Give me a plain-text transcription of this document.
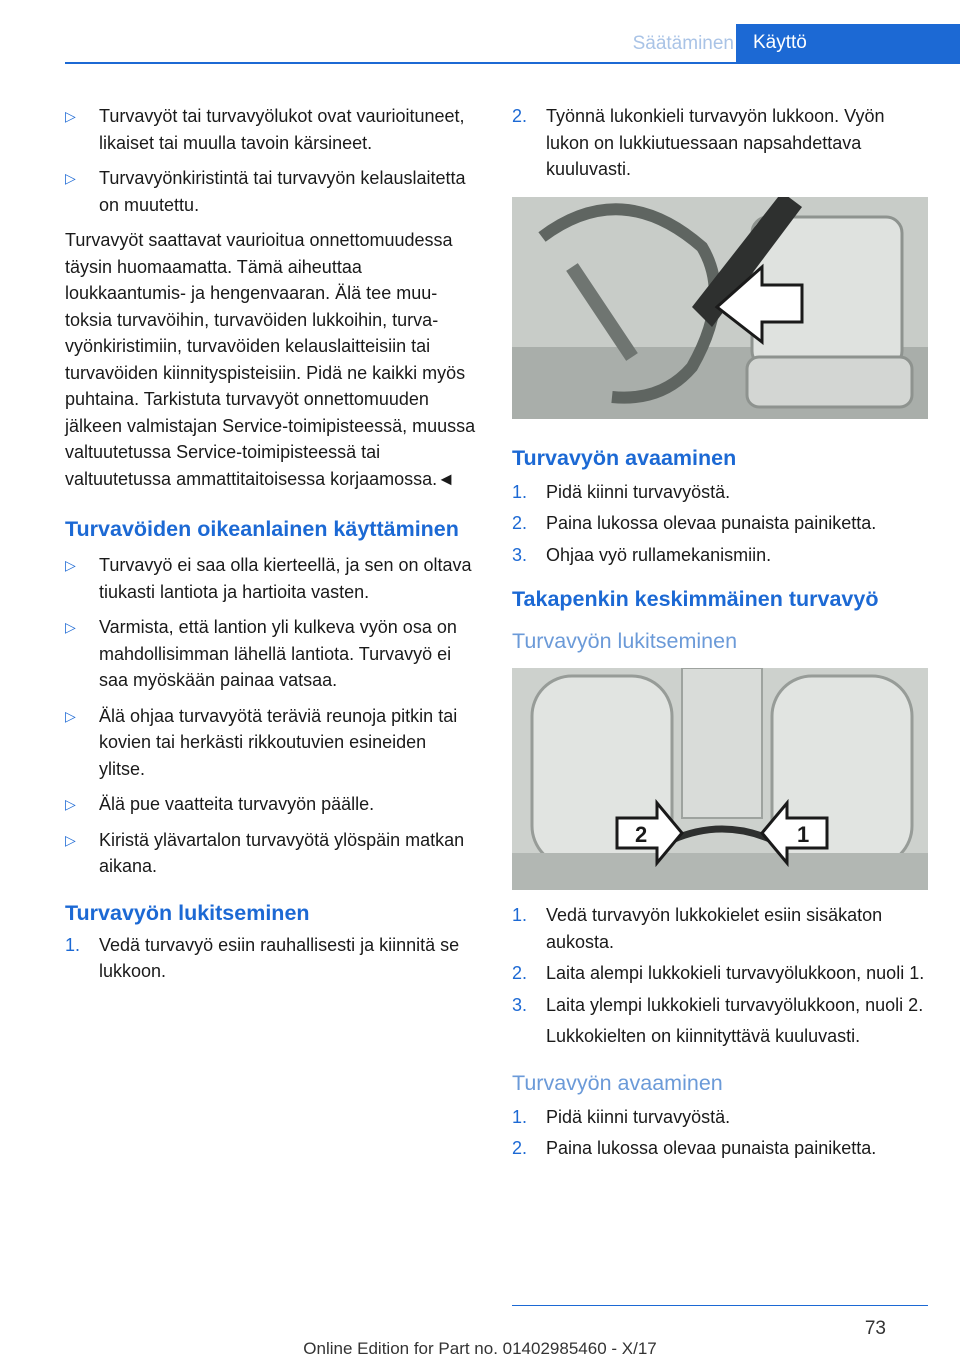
Säätäminen	Käyttö
▷ Turvavyöt tai turvavyölukot ovat vaurioituneet, likaiset tai muulla tavoin kärsineet.
▷ Turvavyönkiristintä tai turvavyön kelauslaitetta on muutettu.

Turvavyöt saattavat vaurioitua onnettomuudessa täysin huomaamatta. Tämä aiheuttaa loukkaantumis- ja hengenvaaran. Älä tee muutoksia turvavöihin, turvavöiden lukkoihin, turvavyönkiristimiin, turvavöiden kelauslaitteisiin tai turvavöiden kiinnityspisteisiin. Pidä ne kaikki myös puhtaina. Tarkistuta turvavyöt onnettomuuden jälkeen valmistajan Service-toimipisteessä, muussa valtuutetussa Service-toimipisteessä tai valtuutetussa ammattitaitoisessa korjaamossa.◄

Turvavöiden oikeanlainen käyttäminen
▷ Turvavyö ei saa olla kierteellä, ja sen on oltava tiukasti lantiota ja hartioita vasten.
▷ Varmista, että lantion yli kulkeva vyön osa on mahdollisimman lähellä lantiota. Turvavyö ei saa myöskään painaa vatsaa.
▷ Älä ohjaa turvavyötä teräviä reunoja pitkin tai kovien tai herkästi rikkoutuvien esineiden ylitse.
▷ Älä pue vaatteita turvavyön päälle.
▷ Kiristä ylävartalon turvavyötä ylöspäin matkan aikana.
Turvavyön lukitseminen
1. Vedä turvavyö esiin rauhallisesti ja kiinnitä se lukkoon.
2. Työnnä lukonkieli turvavyön lukkoon. Vyön lukon on lukkiutuessaan napsahdettava kuuluvasti.
Turvavyön avaaminen
1. Pidä kiinni turvavyöstä.
2. Paina lukossa olevaa punaista painiketta.
3. Ohjaa vyö rullamekanismiin.
Takapenkin keskimmäinen turvavyö
Turvavyön lukitseminen
2	1
1. Vedä turvavyön lukkokielet esiin sisäkaton aukosta.
2. Laita alempi lukkokieli turvavyölukkoon, nuoli 1.
3. Laita ylempi lukkokieli turvavyölukkoon, nuoli 2.
Lukkokielten on kiinnityttävä kuuluvasti.
Turvavyön avaaminen
1. Pidä kiinni turvavyöstä.
2. Paina lukossa olevaa punaista painiketta.
73
Online Edition for Part no. 01402985460 - X/17
